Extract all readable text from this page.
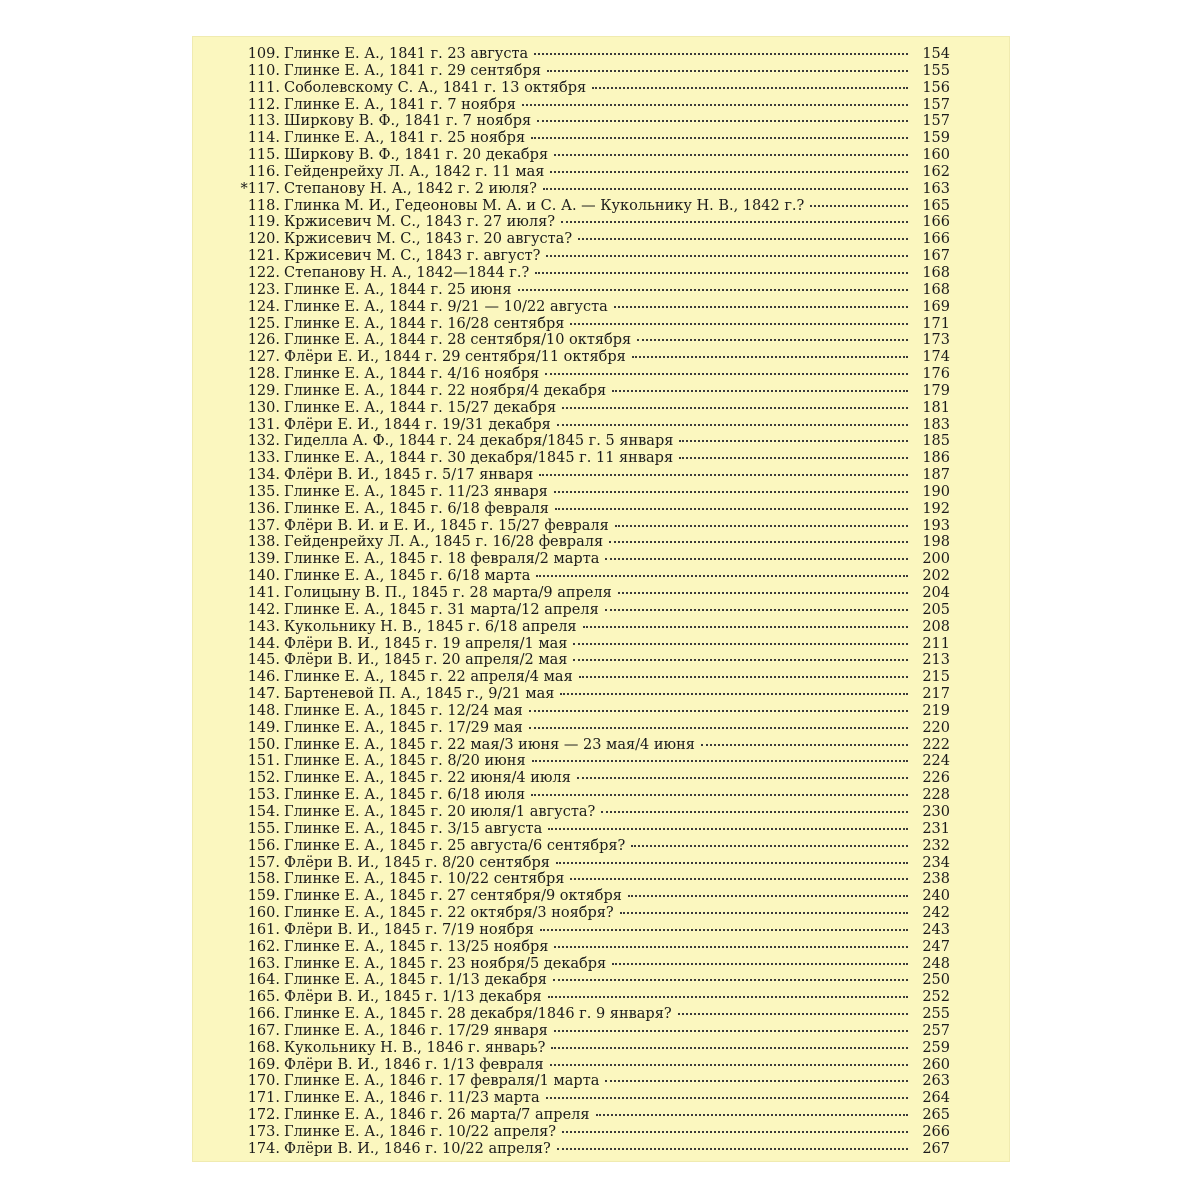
109. Глинке Е. А., 1841 г. 23 августа	154
110. Глинке Е. А., 1841 г. 29 сентября	155
111. Соболевскому С. А., 1841 г. 13 октября	156
112. Глинке Е. А., 1841 г. 7 ноября	157
113. Ширкову В. Ф., 1841 г. 7 ноября	157
114. Глинке Е. А., 1841 г. 25 ноября	159
115. Ширкову В. Ф., 1841 г. 20 декабря	160
116. Гейденрейху Л. А., 1842 г. 11 мая	162
*117. Степанову Н. А., 1842 г. 2 июля?	163
118. Глинка М. И., Гедеоновы М. А. и С. А. — Кукольнику Н. В., 1842 г.?	165
119. Кржисевич М. С., 1843 г. 27 июля?	166
120. Кржисевич М. С., 1843 г. 20 августа?	166
121. Кржисевич М. С., 1843 г. август?	167
122. Степанову Н. А., 1842—1844 г.?	168
123. Глинке Е. А., 1844 г. 25 июня	168
124. Глинке Е. А., 1844 г. 9/21 — 10/22 августа	169
125. Глинке Е. А., 1844 г. 16/28 сентября	171
126. Глинке Е. А., 1844 г. 28 сентября/10 октября	173
127. Флёри Е. И., 1844 г. 29 сентября/11 октября	174
128. Глинке Е. А., 1844 г. 4/16 ноября	176
129. Глинке Е. А., 1844 г. 22 ноября/4 декабря	179
130. Глинке Е. А., 1844 г. 15/27 декабря	181
131. Флёри Е. И., 1844 г. 19/31 декабря	183
132. Гиделла А. Ф., 1844 г. 24 декабря/1845 г. 5 января	185
133. Глинке Е. А., 1844 г. 30 декабря/1845 г. 11 января	186
134. Флёри В. И., 1845 г. 5/17 января	187
135. Глинке Е. А., 1845 г. 11/23 января	190
136. Глинке Е. А., 1845 г. 6/18 февраля	192
137. Флёри В. И. и Е. И., 1845 г. 15/27 февраля	193
138. Гейденрейху Л. А., 1845 г. 16/28 февраля	198
139. Глинке Е. А., 1845 г. 18 февраля/2 марта	200
140. Глинке Е. А., 1845 г. 6/18 марта	202
141. Голицыну В. П., 1845 г. 28 марта/9 апреля	204
142. Глинке Е. А., 1845 г. 31 марта/12 апреля	205
143. Кукольнику Н. В., 1845 г. 6/18 апреля	208
144. Флёри В. И., 1845 г. 19 апреля/1 мая	211
145. Флёри В. И., 1845 г. 20 апреля/2 мая	213
146. Глинке Е. А., 1845 г. 22 апреля/4 мая	215
147. Бартеневой П. А., 1845 г., 9/21 мая	217
148. Глинке Е. А., 1845 г. 12/24 мая	219
149. Глинке Е. А., 1845 г. 17/29 мая	220
150. Глинке Е. А., 1845 г. 22 мая/3 июня — 23 мая/4 июня	222
151. Глинке Е. А., 1845 г. 8/20 июня	224
152. Глинке Е. А., 1845 г. 22 июня/4 июля	226
153. Глинке Е. А., 1845 г. 6/18 июля	228
154. Глинке Е. А., 1845 г. 20 июля/1 августа?	230
155. Глинке Е. А., 1845 г. 3/15 августа	231
156. Глинке Е. А., 1845 г. 25 августа/6 сентября?	232
157. Флёри В. И., 1845 г. 8/20 сентября	234
158. Глинке Е. А., 1845 г. 10/22 сентября	238
159. Глинке Е. А., 1845 г. 27 сентября/9 октября	240
160. Глинке Е. А., 1845 г. 22 октября/3 ноября?	242
161. Флёри В. И., 1845 г. 7/19 ноября	243
162. Глинке Е. А., 1845 г. 13/25 ноября	247
163. Глинке Е. А., 1845 г. 23 ноября/5 декабря	248
164. Глинке Е. А., 1845 г. 1/13 декабря	250
165. Флёри В. И., 1845 г. 1/13 декабря	252
166. Глинке Е. А., 1845 г. 28 декабря/1846 г. 9 января?	255
167. Глинке Е. А., 1846 г. 17/29 января	257
168. Кукольнику Н. В., 1846 г. январь?	259
169. Флёри В. И., 1846 г. 1/13 февраля	260
170. Глинке Е. А., 1846 г. 17 февраля/1 марта	263
171. Глинке Е. А., 1846 г. 11/23 марта	264
172. Глинке Е. А., 1846 г. 26 марта/7 апреля	265
173. Глинке Е. А., 1846 г. 10/22 апреля?	266
174. Флёри В. И., 1846 г. 10/22 апреля?	267
